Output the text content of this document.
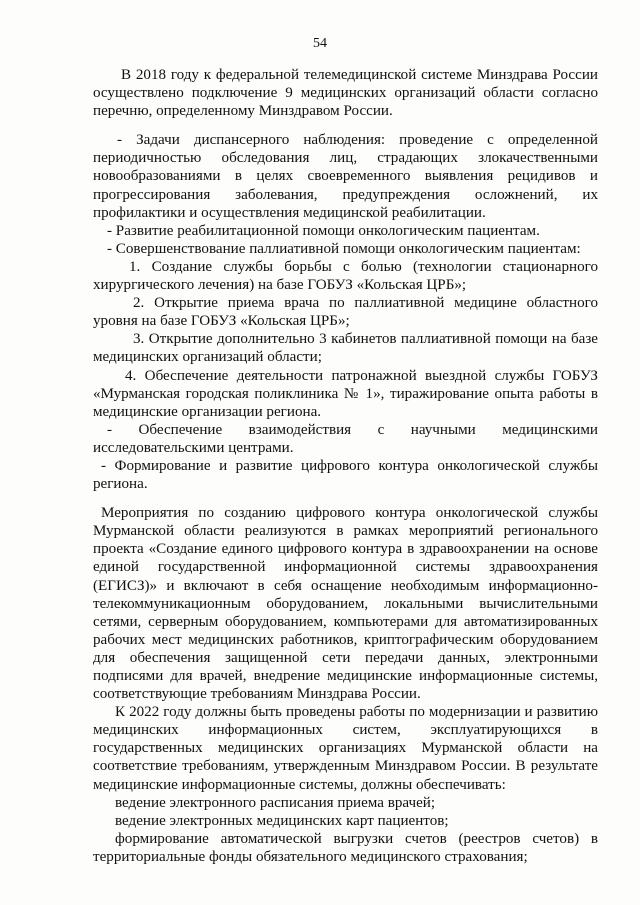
54

В 2018 году к федеральной телемедицинской системе Минздрава России осуществлено подключение 9 медицинских организаций области согласно перечню, определенному Минздравом России.

- Задачи диспансерного наблюдения: проведение с определенной периодичностью обследования лиц, страдающих злокачественными новообразованиями в целях своевременного выявления рецидивов и прогрессирования заболевания, предупреждения осложнений, их профилактики и осуществления медицинской реабилитации.

- Развитие реабилитационной помощи онкологическим пациентам.

- Совершенствование паллиативной помощи онкологическим пациентам:

1. Создание службы борьбы с болью (технологии стационарного хирургического лечения) на базе ГОБУЗ «Кольская ЦРБ»;

2. Открытие приема врача по паллиативной медицине областного уровня на базе ГОБУЗ «Кольская ЦРБ»;

3. Открытие дополнительно 3 кабинетов паллиативной помощи на базе медицинских организаций области;

4. Обеспечение деятельности патронажной выездной службы ГОБУЗ «Мурманская городская поликлиника № 1», тиражирование опыта работы в медицинские организации региона.

- Обеспечение взаимодействия с научными медицинскими исследовательскими центрами.

- Формирование и развитие цифрового контура онкологической службы региона.

Мероприятия по созданию цифрового контура онкологической службы Мурманской области реализуются в рамках мероприятий регионального проекта «Создание единого цифрового контура в здравоохранении на основе единой государственной информационной системы здравоохранения (ЕГИСЗ)» и включают в себя оснащение необходимым информационно-телекоммуникационным оборудованием, локальными вычислительными сетями, серверным оборудованием, компьютерами для автоматизированных рабочих мест медицинских работников, криптографическим оборудованием для обеспечения защищенной сети передачи данных, электронными подписями для врачей, внедрение медицинские информационные системы, соответствующие требованиям Минздрава России.

К 2022 году должны быть проведены работы по модернизации и развитию медицинских информационных систем, эксплуатирующихся в государственных медицинских организациях Мурманской области на соответствие требованиям, утвержденным Минздравом России. В результате медицинские информационные системы, должны обеспечивать:

ведение электронного расписания приема врачей;

ведение электронных медицинских карт пациентов;

формирование автоматической выгрузки счетов (реестров счетов) в территориальные фонды обязательного медицинского страхования;
